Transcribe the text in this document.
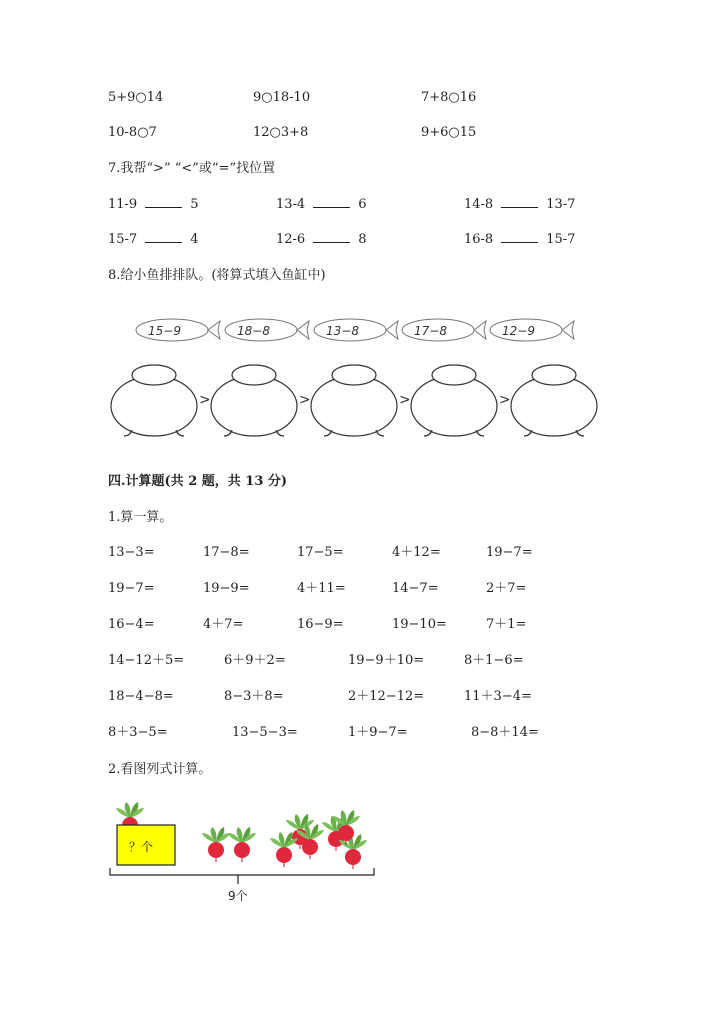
5+9○14	9○18-10	7+8○16
10-8○7	12○3+8	9+6○15
7.我帮“>” “<”或“=”找位置
11-9	5	13-4	6	14-8	13-7
15-7	4	12-6	8	16-8	15-7
8.给小鱼排排队。(将算式填入鱼缸中)
15−9	18−8	13−8	17−8	12−9
>	>	>	>
四.计算题(共 2 题，共 13 分)
1.算一算。
13−3=	17−8=	17−5=	4＋12=	19−7=
19−7=	19−9=	4＋11=	14−7=	2＋7=
16−4=	4＋7=	16−9=	19−10=	7＋1=
14−12＋5=	6＋9＋2=	19−9＋10=	8＋1−6=
18−4−8=	8−3＋8=	2＋12−12=	11＋3−4=
8＋3−5=	13−5−3=	1＋9−7=	8−8＋14=
2.看图列式计算。
？个
9个
